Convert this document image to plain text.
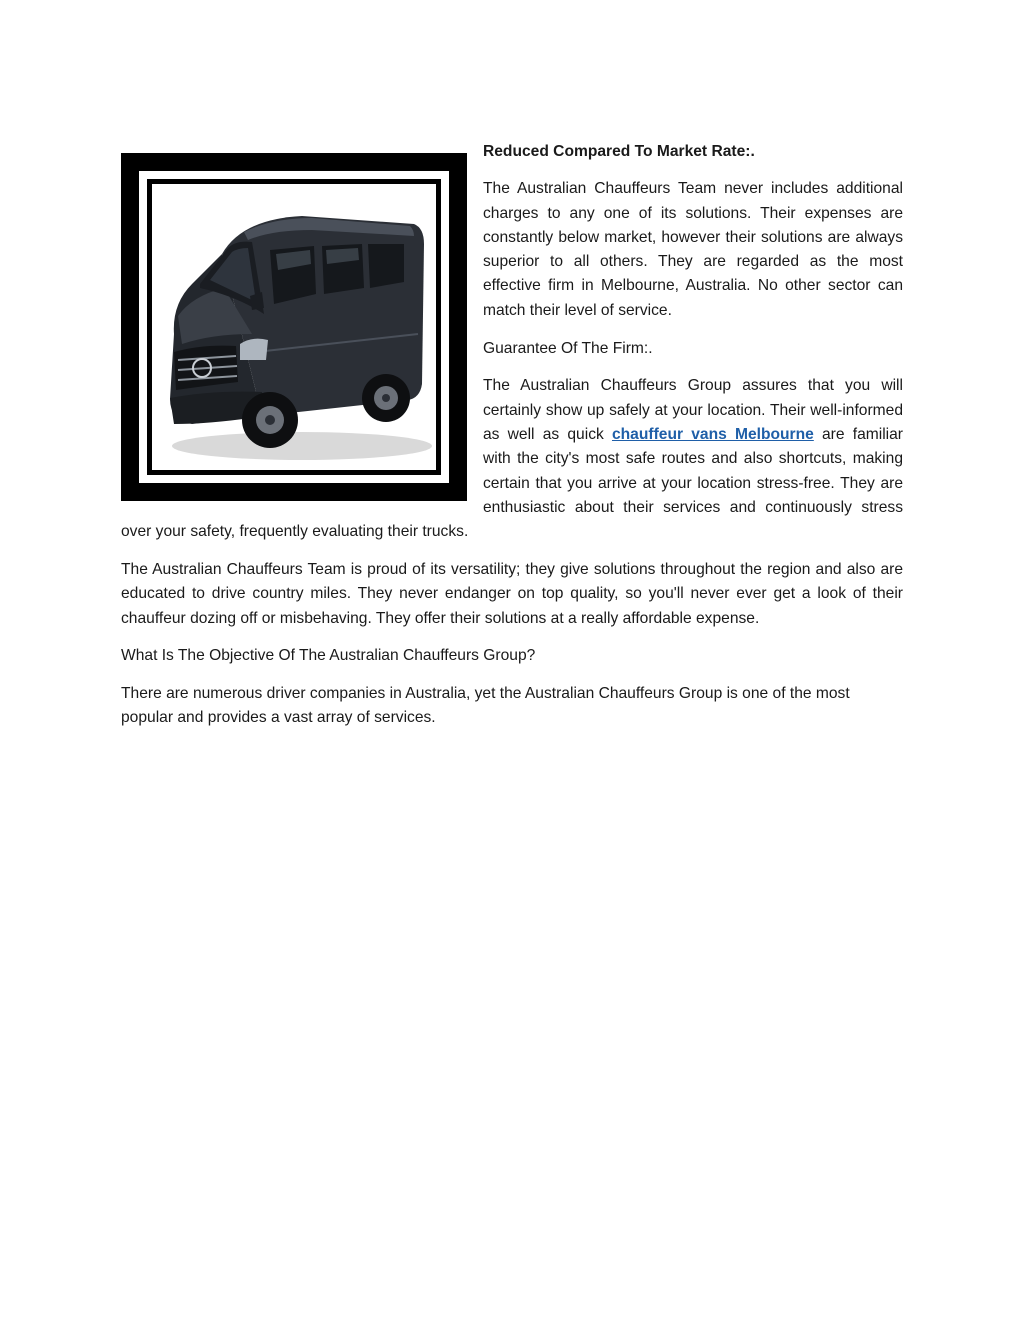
Reduced Compared To Market Rate:.

The Australian Chauffeurs Team never includes additional charges to any one of its solutions. Their expenses are constantly below market, however their solutions are always superior to all others. They are regarded as the most effective firm in Melbourne, Australia. No other sector can match their level of service.

Guarantee Of The Firm:.

The Australian Chauffeurs Group assures that you will certainly show up safely at your location. Their well-informed as well as quick chauffeur vans Melbourne are familiar with the city's most safe routes and also shortcuts, making certain that you arrive at your location stress-free. They are enthusiastic about their services and continuously stress over your safety, frequently evaluating their trucks.

The Australian Chauffeurs Team is proud of its versatility; they give solutions throughout the region and also are educated to drive country miles. They never endanger on top quality, so you'll never ever get a look of their chauffeur dozing off or misbehaving. They offer their solutions at a really affordable expense.

What Is The Objective Of The Australian Chauffeurs Group?

There are numerous driver companies in Australia, yet the Australian Chauffeurs Group is one of the most popular and provides a vast array of services.
